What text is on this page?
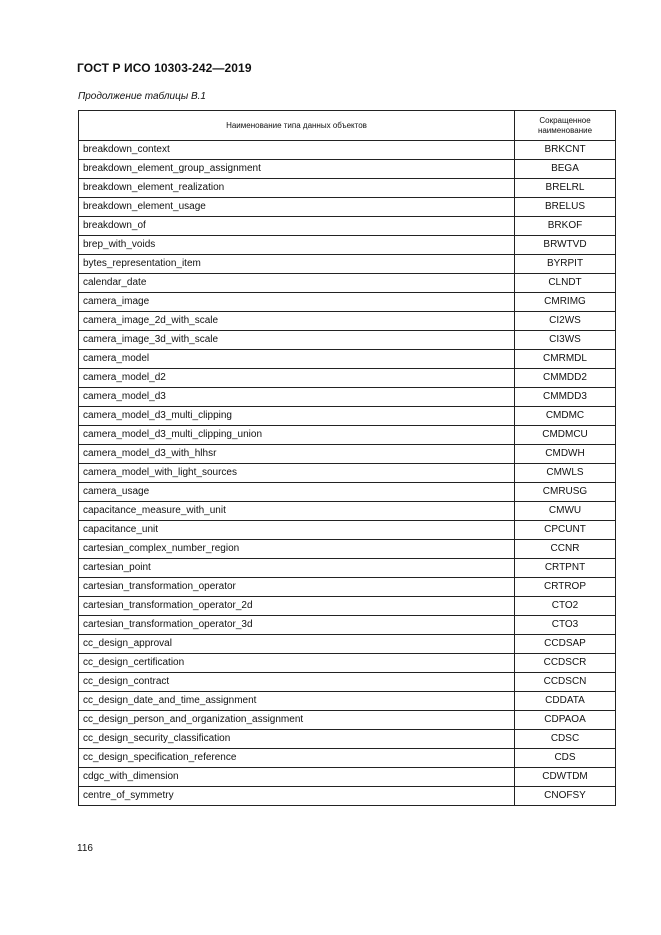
ГОСТ Р ИСО 10303-242—2019
Продолжение таблицы В.1
Наименование типа данных объектов	Сокращенное
наименование
breakdown_context	BRKCNT
breakdown_element_group_assignment	BEGA
breakdown_element_realization	BRELRL
breakdown_element_usage	BRELUS
breakdown_of	BRKOF
brep_with_voids	BRWTVD
bytes_representation_item	BYRPIT
calendar_date	CLNDT
camera_image	CMRIMG
camera_image_2d_with_scale	CI2WS
camera_image_3d_with_scale	CI3WS
camera_model	CMRMDL
camera_model_d2	CMMDD2
camera_model_d3	CMMDD3
camera_model_d3_multi_clipping	CMDMC
camera_model_d3_multi_clipping_union	CMDMCU
camera_model_d3_with_hlhsr	CMDWH
camera_model_with_light_sources	CMWLS
camera_usage	CMRUSG
capacitance_measure_with_unit	CMWU
capacitance_unit	CPCUNT
cartesian_complex_number_region	CCNR
cartesian_point	CRTPNT
cartesian_transformation_operator	CRTROP
cartesian_transformation_operator_2d	CTO2
cartesian_transformation_operator_3d	CTO3
cc_design_approval	CCDSAP
cc_design_certification	CCDSCR
cc_design_contract	CCDSCN
cc_design_date_and_time_assignment	CDDATA
cc_design_person_and_organization_assignment	CDPAOA
cc_design_security_classification	CDSC
cc_design_specification_reference	CDS
cdgc_with_dimension	CDWTDM
centre_of_symmetry	CNOFSY
116
